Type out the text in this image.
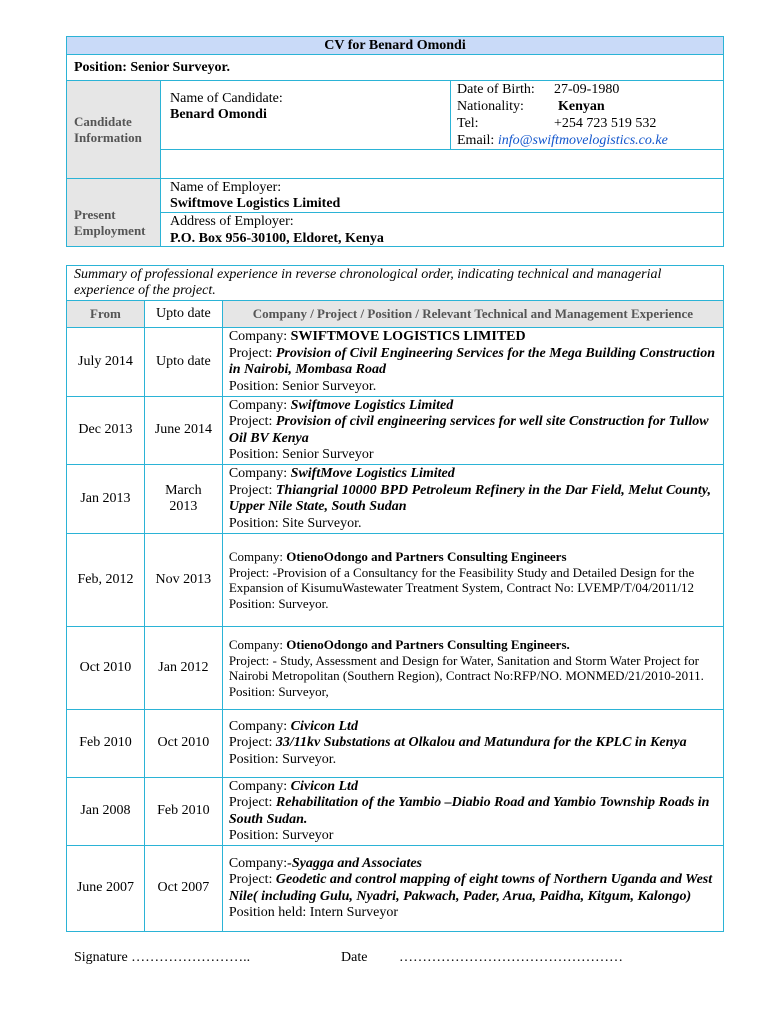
CV for Benard Omondi
Position: Senior Surveyor.
Candidate Information
Name of Candidate:
Benard Omondi
Date of Birth: 27-09-1980
Nationality: Kenyan
Tel:	+254 723 519 532
Email: info@swiftmovelogistics.co.ke
Present Employment
Name of Employer:
Swiftmove Logistics Limited
Address of Employer:
P.O. Box 956-30100, Eldoret, Kenya
Summary of professional experience in reverse chronological order, indicating technical and managerial experience of the project.
From	Upto date	Company / Project / Position / Relevant Technical and Management Experience
July 2014	Upto date	Company: SWIFTMOVE LOGISTICS LIMITED
Project: Provision of Civil Engineering Services for the Mega Building Construction in Nairobi, Mombasa Road
Position: Senior Surveyor.

Dec 2013	June 2014	Company: Swiftmove Logistics Limited
Project: Provision of civil engineering services for well site Construction for Tullow Oil BV Kenya
Position: Senior Surveyor

Jan 2013	March 2013	Company: SwiftMove Logistics Limited
Project: Thiangrial 10000 BPD Petroleum Refinery in the Dar Field, Melut County, Upper Nile State, South Sudan
Position: Site Surveyor.

Feb, 2012	Nov 2013	Company: OtienoOdongo and Partners Consulting Engineers
Project: -Provision of a Consultancy for the Feasibility Study and Detailed Design for the Expansion of KisumuWastewater Treatment System, Contract No: LVEMP/T/04/2011/12
Position: Surveyor.

Oct 2010	Jan 2012	Company: OtienoOdongo and Partners Consulting Engineers.
Project: - Study, Assessment and Design for Water, Sanitation and Storm Water Project for Nairobi Metropolitan (Southern Region), Contract No:RFP/NO. MONMED/21/2010-2011.
Position: Surveyor,

Feb 2010	Oct 2010	Company: Civicon Ltd
Project: 33/11kv Substations at Olkalou and Matundura for the KPLC in Kenya
Position: Surveyor.

Jan 2008	Feb 2010	Company: Civicon Ltd
Project: Rehabilitation of the Yambio –Diabio Road and Yambio Township Roads in South Sudan.
Position: Surveyor

June 2007	Oct 2007	Company:-Syagga and Associates
Project: Geodetic and control mapping of eight towns of Northern Uganda and West Nile( including Gulu, Nyadri, Pakwach, Pader, Arua, Paidha, Kitgum, Kalongo)
Position held: Intern Surveyor
Signature ……………………..	Date …………………………………………
